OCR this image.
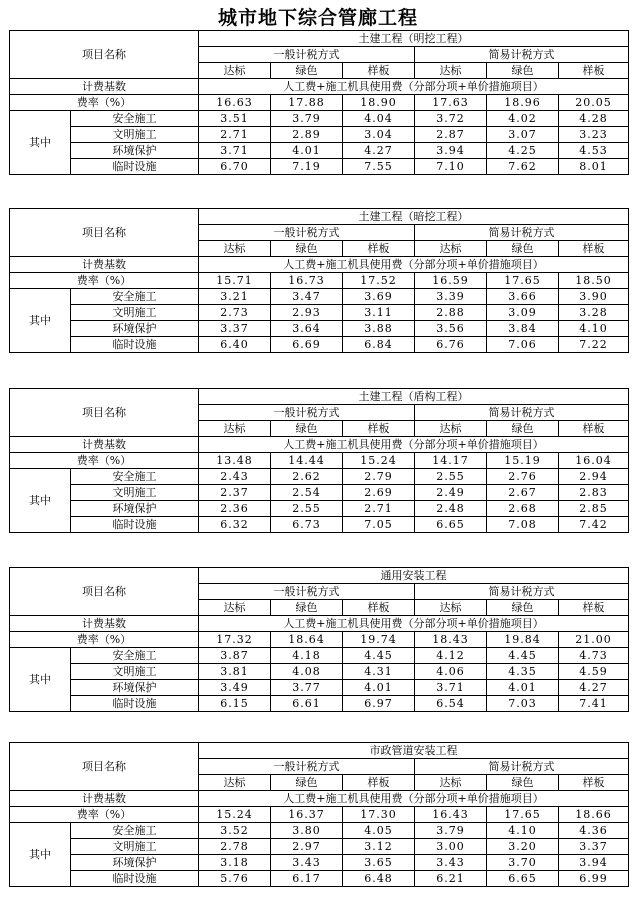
城市地下综合管廊工程
项目名称		土建工程（明挖工程）					
		一般计税方式			简易计税方式		
		达标	绿色	样板	达标	绿色	样板
计费基数		人工费+施工机具使用费（分部分项+单价措施项目）					
费率（%）		16.63	17.88	18.90	17.63	18.96	20.05
其中	安全施工	3.51	3.79	4.04	3.72	4.02	4.28
	文明施工	2.71	2.89	3.04	2.87	3.07	3.23
	环境保护	3.71	4.01	4.27	3.94	4.25	4.53
	临时设施	6.70	7.19	7.55	7.10	7.62	8.01
项目名称		土建工程（暗挖工程）					
		一般计税方式			简易计税方式		
		达标	绿色	样板	达标	绿色	样板
计费基数		人工费+施工机具使用费（分部分项+单价措施项目）					
费率（%）		15.71	16.73	17.52	16.59	17.65	18.50
其中	安全施工	3.21	3.47	3.69	3.39	3.66	3.90
	文明施工	2.73	2.93	3.11	2.88	3.09	3.28
	环境保护	3.37	3.64	3.88	3.56	3.84	4.10
	临时设施	6.40	6.69	6.84	6.76	7.06	7.22
项目名称		土建工程（盾构工程）					
		一般计税方式			简易计税方式		
		达标	绿色	样板	达标	绿色	样板
计费基数		人工费+施工机具使用费（分部分项+单价措施项目）					
费率（%）		13.48	14.44	15.24	14.17	15.19	16.04
其中	安全施工	2.43	2.62	2.79	2.55	2.76	2.94
	文明施工	2.37	2.54	2.69	2.49	2.67	2.83
	环境保护	2.36	2.55	2.71	2.48	2.68	2.85
	临时设施	6.32	6.73	7.05	6.65	7.08	7.42
项目名称		通用安装工程					
		一般计税方式			简易计税方式		
		达标	绿色	样板	达标	绿色	样板
计费基数		人工费+施工机具使用费（分部分项+单价措施项目）					
费率（%）		17.32	18.64	19.74	18.43	19.84	21.00
其中	安全施工	3.87	4.18	4.45	4.12	4.45	4.73
	文明施工	3.81	4.08	4.31	4.06	4.35	4.59
	环境保护	3.49	3.77	4.01	3.71	4.01	4.27
	临时设施	6.15	6.61	6.97	6.54	7.03	7.41
项目名称		市政管道安装工程					
		一般计税方式			简易计税方式		
		达标	绿色	样板	达标	绿色	样板
计费基数		人工费+施工机具使用费（分部分项+单价措施项目）					
费率（%）		15.24	16.37	17.30	16.43	17.65	18.66
其中	安全施工	3.52	3.80	4.05	3.79	4.10	4.36
	文明施工	2.78	2.97	3.12	3.00	3.20	3.37
	环境保护	3.18	3.43	3.65	3.43	3.70	3.94
	临时设施	5.76	6.17	6.48	6.21	6.65	6.99
